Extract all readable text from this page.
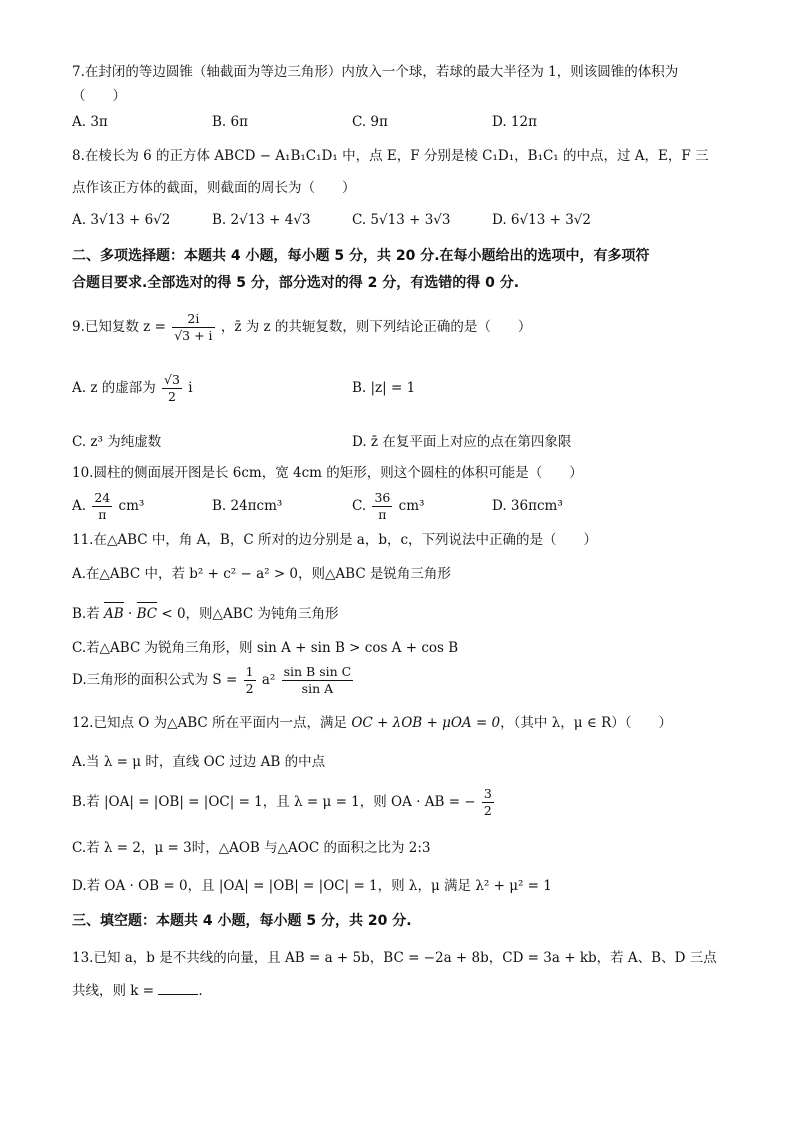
7.在封闭的等边圆锥（轴截面为等边三角形）内放入一个球，若球的最大半径为 1，则该圆锥的体积为
（　　）
A. 3π	B. 6π	C. 9π	D. 12π
8.在棱长为 6 的正方体 ABCD − A₁B₁C₁D₁ 中，点 E，F 分别是棱 C₁D₁，B₁C₁ 的中点，过 A，E，F 三
点作该正方体的截面，则截面的周长为（　　）
A. 3√13 + 6√2	B. 2√13 + 4√3	C. 5√13 + 3√3	D. 6√13 + 3√2
二、多项选择题：本题共 4 小题，每小题 5 分，共 20 分.在每小题给出的选项中，有多项符
合题目要求.全部选对的得 5 分，部分选对的得 2 分，有选错的得 0 分.
9.已知复数 $z = \frac{2i}{√3 + i}$ ，z̄ 为 z 的共轭复数，则下列结论正确的是（　　）
A. z 的虚部为 $\frac{√3}{2}$ i	B. |z| = 1
C. z³ 为纯虚数	D. z̄ 在复平面上对应的点在第四象限
10.圆柱的侧面展开图是长 6cm，宽 4cm 的矩形，则这个圆柱的体积可能是（　　）
A. $\frac{24}{\pi} cm^3$	B. 24πcm³	C. $\frac{36}{\pi} cm^3$	D. 36πcm³
11.在△ABC 中，角 A，B，C 所对的边分别是 a，b，c，下列说法中正确的是（　　）
A.在△ABC 中，若 b² + c² − a² > 0，则△ABC 是锐角三角形
B.若 AB · BC < 0，则△ABC 为钝角三角形
C.若△ABC 为锐角三角形，则 sin A + sin B > cos A + cos B
D.三角形的面积公式为 $S = \frac{1}{2} a^2 \frac{\text{sin B sin C}}{\text{sin A}}$
12.已知点 O 为△ABC 所在平面内一点，满足 OC + λOB + μOA = 0，（其中 λ，μ ∈ R）（　　）
A.当 λ = μ 时，直线 OC 过边 AB 的中点
B.若 |OA| = |OB| = |OC| = 1，且 λ = μ = 1，则 OA · AB = − $\frac{3}{2}$
C.若 λ = 2，μ = 3时，△AOB 与△AOC 的面积之比为 2:3
D.若 OA · OB = 0，且 |OA| = |OB| = |OC| = 1，则 λ，μ 满足 λ² + μ² = 1
三、填空题：本题共 4 小题，每小题 5 分，共 20 分.
13.已知 a，b 是不共线的向量，且 AB = a + 5b，BC = −2a + 8b，CD = 3a + kb，若 A、B、D 三点
共线，则 k =	.
